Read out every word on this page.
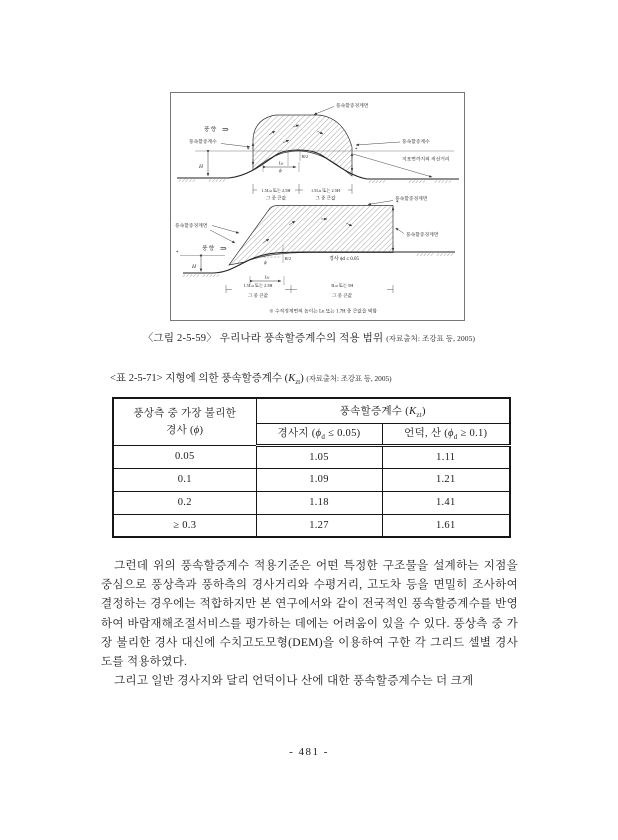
H
Lu
ϕ
H/2
1.5Lu 또는 2.5H	1.5Lu 또는 2.5H
그 중 큰값	그 중 큰값
풍향 ⇒
풍속할증경계면
풍속할증계수	풍속할증계수
지표면까지의 직선거리
*	*
풍속할증경계면
풍속할증경계면
풍속할증경계면
풍향 ⇒
H
ϕ
H/2
Lu
경사 ϕd ≤ 0.05
1.5Lu 또는 2.5H	3Lu 또는 5H
그 중 큰값	그 중 큰값
※ 수직경계면의 높이는 Lu 또는 1.7H 중 큰값을 택함
*
*
〈그림 2-5-59〉 우리나라 풍속할증계수의 적용 범위 (자료출처: 조강표 등, 2005)
<표 2-5-71> 지형에 의한 풍속할증계수 $(K_{zt})$ (자료출처: 조강표 등, 2005)
풍상측 중 가장 불리한
경사 (ϕ)	풍속할증계수 $(K_{zt})$	
	경사지 $(\phi_d \le 0.05)$	언덕, 산 $(\phi_d \ge 0.1)$
0.05	1.05	1.11
0.1	1.09	1.21
0.2	1.18	1.41
≥ 0.3	1.27	1.61

그런데 위의 풍속할증계수 적용기준은 어떤 특정한 구조물을 설계하는 지점을 중심으로 풍상측과 풍하측의 경사거리와 수평거리, 고도차 등을 면밀히 조사하여 결정하는 경우에는 적합하지만 본 연구에서와 같이 전국적인 풍속할증계수를 반영하여 바람재해조절서비스를 평가하는 데에는 어려움이 있을 수 있다. 풍상측 중 가장 불리한 경사 대신에 수치고도모형(DEM)을 이용하여 구한 각 그리드 셀별 경사도를 적용하였다.

그리고 일반 경사지와 달리 언덕이나 산에 대한 풍속할증계수는 더 크게

- 481 -
